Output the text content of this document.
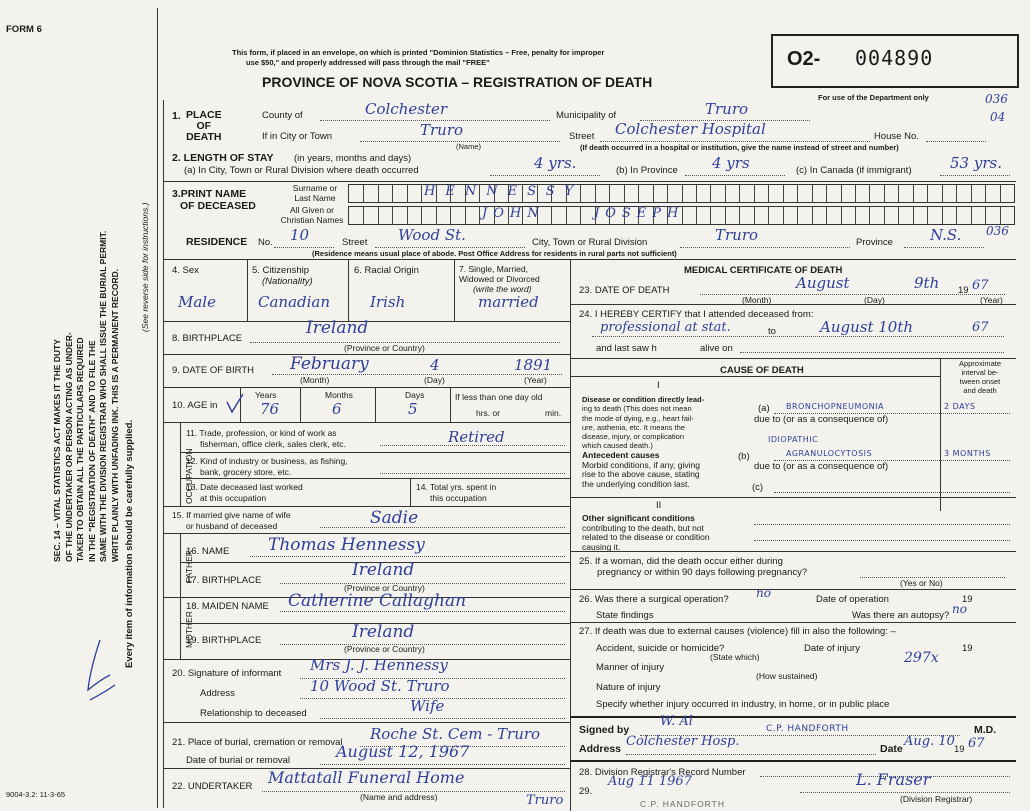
FORM 6
This form, if placed in an envelope, on which is printed "Dominion Statistics – Free, penalty for improper
use $50," and properly addressed will pass through the mail "FREE"
PROVINCE OF NOVA SCOTIA – REGISTRATION OF DEATH
O2- 004890
For use of the Department only	036
04
SEC. 14 – VITAL STATISTICS ACT MAKES IT THE DUTY OF THE UNDERTAKER OR PERSON ACTING AS UNDER- TAKER TO OBTAIN ALL THE PARTICULARS REQUIRED IN THE "REGISTRATION OF DEATH" AND TO FILE THE SAME WITH THE DIVISION REGISTRAR WHO SHALL ISSUE THE BURIAL PERMIT. WRITE PLAINLY WITH UNFADING INK. THIS IS A PERMANENT RECORD. Every item of information should be carefully supplied.
(See reverse side for instructions.)
1. PLACE
OF
DEATH
County of	Colchester	Municipality of	Truro
If in City or Town	Truro
(Name)
Street Colchester Hospital	House No.
(If death occurred in a hospital or institution, give the name instead of street and number)
2. LENGTH OF STAY (in years, months and days)
(a) In City, Town or Rural Division where death occurred	4 yrs.	(b) In Province 4 yrs	(c) In Canada (if immigrant)	53 yrs.
3.PRINT NAME
OF DECEASED
Surname or
Last Name
All Given or
Christian Names
HENNESSY
JOHN	JOSEPH
RESIDENCE No. 10	Street Wood St.	City, Town or Rural Division	Truro	Province N.S. 036
(Residence means usual place of abode. Post Office Address for residents in rural parts not sufficient)
4. Sex
Male
5. Citizenship
(Nationality)
Canadian
6. Racial Origin
Irish
7. Single, Married,
Widowed or Divorced
(write the word)
married
8. BIRTHPLACE
Ireland
(Province or Country)
9. DATE OF BIRTH February	4	1891
(Month)	(Day)	(Year)
10. AGE in
Years	Months	Days
76	6	5
If less than one day old
hrs. or	min.
OCCUPATION
11. Trade, profession, or kind of work as
fisherman, office clerk, sales clerk, etc.	Retired
12. Kind of industry or business, as fishing,
bank, grocery store, etc.
13. Date deceased last worked
at this occupation
14. Total yrs. spent in
this occupation
15. If married give name of wife
or husband of deceased	Sadie
FATHER
16. NAME Thomas Hennessy
17. BIRTHPLACE
Ireland
(Province or Country)
MOTHER
18. MAIDEN NAME Catherine Callaghan
19. BIRTHPLACE	Ireland
(Province or Country)
20. Signature of informant Mrs J. J. Hennessy
Address	10 Wood St. Truro
Relationship to deceased	Wife
21. Place of burial, cremation or removal Roche St. Cem - Truro
Date of burial or removal	August 12, 1967
22. UNDERTAKER Mattatall Funeral Home
(Name and address)	Truro
9004-3.2: 11-3-65
MEDICAL CERTIFICATE OF DEATH
23. DATE OF DEATH	August	9th 19 67
(Month)	(Day)	(Year)
24. I HEREBY CERTIFY that I attended deceased from:
professional at stat.	to	August 10th	67
and last saw h	alive on
CAUSE OF DEATH
Approximate
interval be-
tween onset
and death
I
Disease or condition directly lead-
ing to death (This does not mean
the mode of dying, e.g., heart fail-
ure, asthenia, etc. It means the
disease, injury, or complication
which caused death.)
(a) BRONCHOPNEUMONIA	2 DAYS
due to (or as a consequence of)
Antecedent causes
Morbid conditions, if any, giving
rise to the above cause, stating
the underlying condition last.
IDIOPATHIC
(b)	AGRANULOCYTOSIS	3 MONTHS
due to (or as a consequence of)
(c)
II
Other significant conditions
contributing to the death, but not
related to the disease or condition
causing it.
25. If a woman, did the death occur either during
pregnancy or within 90 days following pregnancy?
(Yes or No)
26. Was there a surgical operation? no	Date of operation	19
State findings	Was there an autopsy? no
27. If death was due to external causes (violence) fill in also the following: –
Accident, suicide or homicide?	Date of injury	19
(State which)
Manner of injury
297x
(How sustained)
Nature of injury
Specify whether injury occurred in industry, in home, or in public place
Signed by
W. Al	C.P. HANDFORTH	M.D.
Address Colchester Hosp.	Date Aug. 10
19 67
28. Division Registrar's Record Number
29.
Aug 11 1967	L. Fraser
(Division Registrar)
C.P. HANDFORTH
